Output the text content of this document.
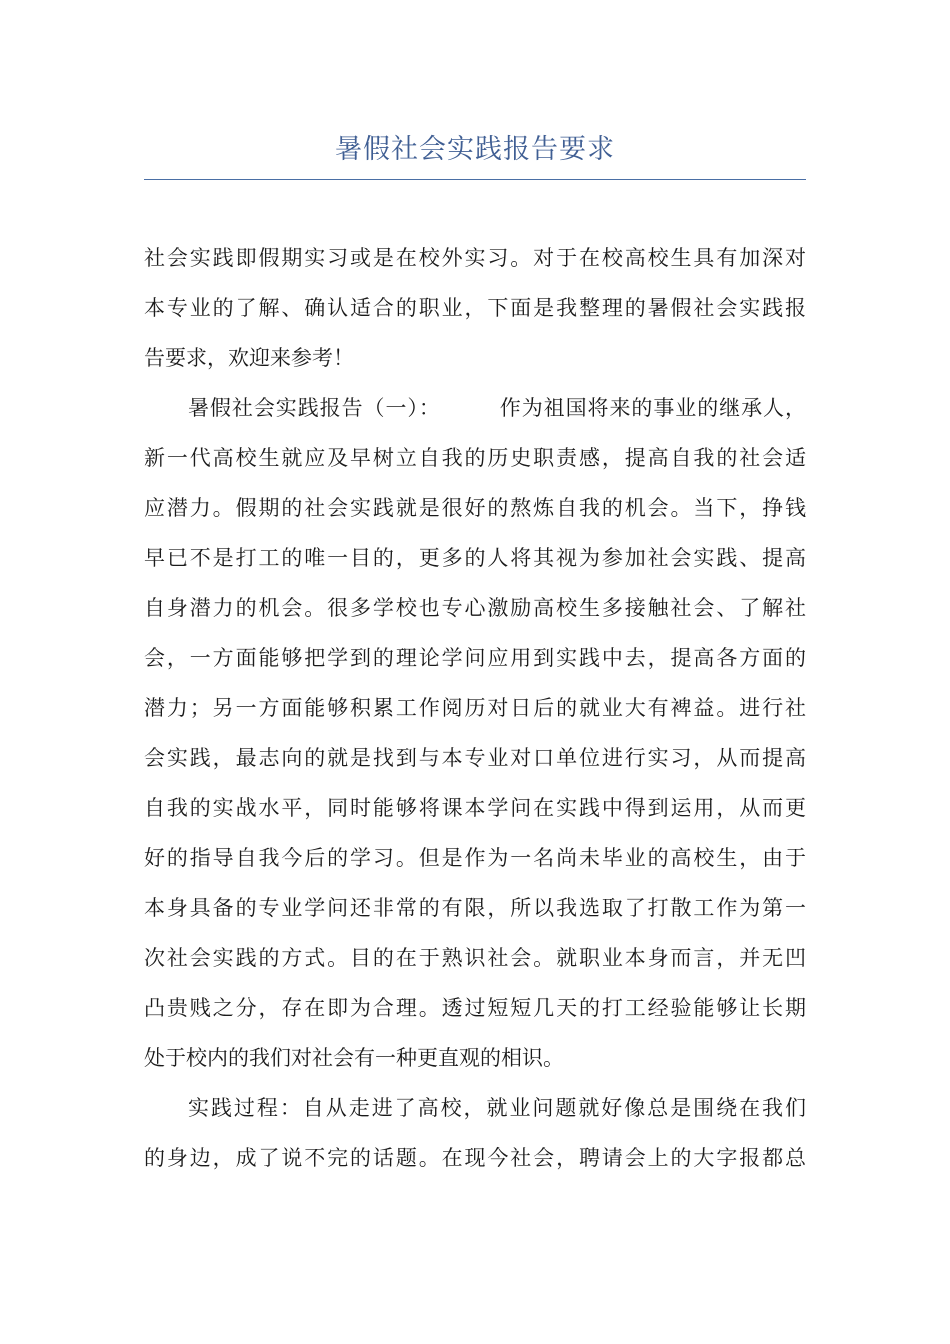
暑假社会实践报告要求
社会实践即假期实习或是在校外实习。对于在校高校生具有加深对
本专业的了解、确认适合的职业，下面是我整理的暑假社会实践报
告要求，欢迎来参考！
暑假社会实践报告（一）：	作为祖国将来的事业的继承人，
新一代高校生就应及早树立自我的历史职责感，提高自我的社会适
应潜力。假期的社会实践就是很好的熬炼自我的机会。当下，挣钱
早已不是打工的唯一目的，更多的人将其视为参加社会实践、提高
自身潜力的机会。很多学校也专心激励高校生多接触社会、了解社
会，一方面能够把学到的理论学问应用到实践中去，提高各方面的
潜力；另一方面能够积累工作阅历对日后的就业大有裨益。进行社
会实践，最志向的就是找到与本专业对口单位进行实习，从而提高
自我的实战水平，同时能够将课本学问在实践中得到运用，从而更
好的指导自我今后的学习。但是作为一名尚未毕业的高校生，由于
本身具备的专业学问还非常的有限，所以我选取了打散工作为第一
次社会实践的方式。目的在于熟识社会。就职业本身而言，并无凹
凸贵贱之分，存在即为合理。透过短短几天的打工经验能够让长期
处于校内的我们对社会有一种更直观的相识。
实践过程：自从走进了高校，就业问题就好像总是围绕在我们
的身边，成了说不完的话题。在现今社会，聘请会上的大字报都总
